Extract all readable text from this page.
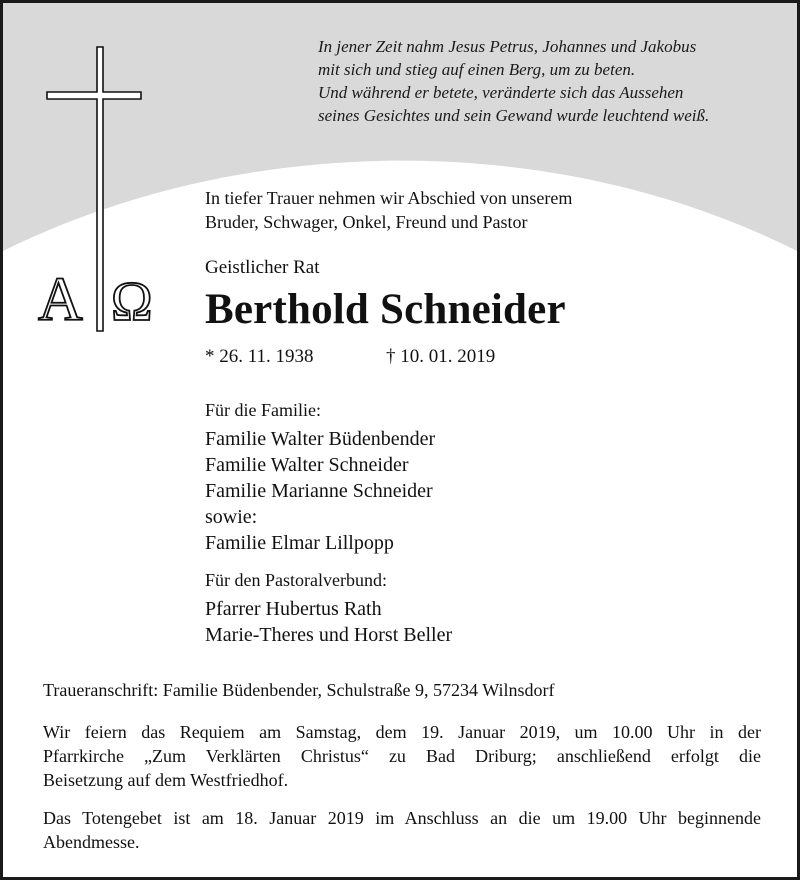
A Ω
In jener Zeit nahm Jesus Petrus, Johannes und Jakobus
mit sich und stieg auf einen Berg, um zu beten.
Und während er betete, veränderte sich das Aussehen
seines Gesichtes und sein Gewand wurde leuchtend weiß.
In tiefer Trauer nehmen wir Abschied von unserem
Bruder, Schwager, Onkel, Freund und Pastor
Geistlicher Rat
Berthold Schneider
* 26. 11. 1938	† 10. 01. 2019
Für die Familie:
Familie Walter Büdenbender
Familie Walter Schneider
Familie Marianne Schneider
sowie:
Familie Elmar Lillpopp
Für den Pastoralverbund:
Pfarrer Hubertus Rath
Marie-Theres und Horst Beller
Traueranschrift: Familie Büdenbender, Schulstraße 9, 57234 Wilnsdorf
Wir feiern das Requiem am Samstag, dem 19. Januar 2019, um 10.00 Uhr in der
Pfarrkirche „Zum Verklärten Christus“ zu Bad Driburg; anschließend erfolgt die
Beisetzung auf dem Westfriedhof.
Das Totengebet ist am 18. Januar 2019 im Anschluss an die um 19.00 Uhr beginnende
Abendmesse.
